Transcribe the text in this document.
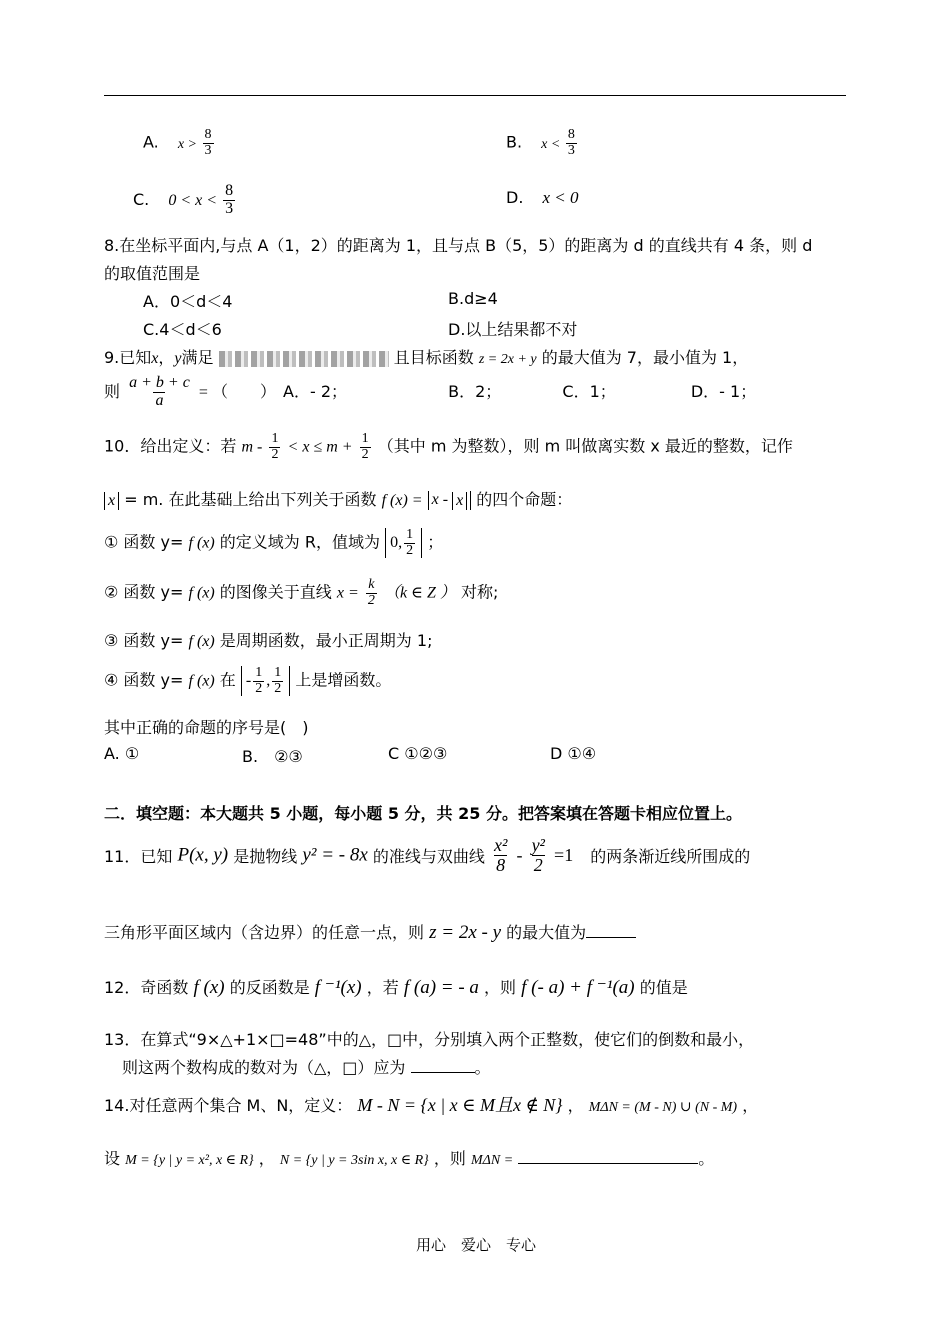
A. $x > \frac{8}{3}$	B. $x < \frac{8}{3}$
C. $0 < x < \frac{8}{3}$	D. x < 0
8.在坐标平面内,与点 A（1，2）的距离为 1，且与点 B（5，5）的距离为 d 的直线共有 4 条，则 d
的取值范围是
A．0＜d＜4	B.d≥4
C.4＜d＜6	D.以上结果都不对
9.已知x，y满足	且目标函数 z = 2x + y 的最大值为 7，最小值为 1，
则 $\frac{a + b + c}{a}$ = （　　） A．- 2；	B．2；	C．1；	D．- 1；
10．给出定义：若 $m - \frac{1}{2} < x \le m + \frac{1}{2}$ （其中 m 为整数），则 m 叫做离实数 x 最近的整数，记作
x = m. 在此基础上给出下列关于函数 f (x) = x - x 的四个命题：
① 函数 y= f (x) 的定义域为 R，值域为 0, $\frac{1}{2}$ ；
② 函数 y= f (x) 的图像关于直线 $x = \frac{k}{2} (k$ ∈ Z ） 对称;
③ 函数 y= f (x) 是周期函数，最小正周期为 1;
④ 函数 y= f (x) 在 - $\frac{1}{2}$ , $\frac{1}{2}$ 上是增函数。
其中正确的命题的序号是(　)
A. ①	B.　②③	C ①②③	D ①④
二．填空题：本大题共 5 小题，每小题 5 分，共 25 分。把答案填在答题卡相应位置上。
11．已知 P(x, y) 是抛物线 y² = - 8x 的准线与双曲线 $\frac{\text{x²}}{8} - \frac{\text{y²}}{2} =1$ 的两条渐近线所围成的
三角形平面区域内（含边界）的任意一点，则 z = 2x - y 的最大值为
12．奇函数 f (x) 的反函数是 f ⁻¹(x) ，若 f (a) = - a ，则 f (- a) + f ⁻¹(a) 的值是
13．在算式“9×△+1×□=48”中的△，□中，分别填入两个正整数，使它们的倒数和最小，
则这两个数构成的数对为（△，□）应为	。
14.对任意两个集合 M、N，定义： M - N = {x | x ∈ M且x ∉ N} ， MΔN = (M - N) ∪ (N - M) ，
设 M = {y | y = x², x ∈ R} ， N = {y | y = 3sin x, x ∈ R} ，则 MΔN =	。
用心　爱心　专心
